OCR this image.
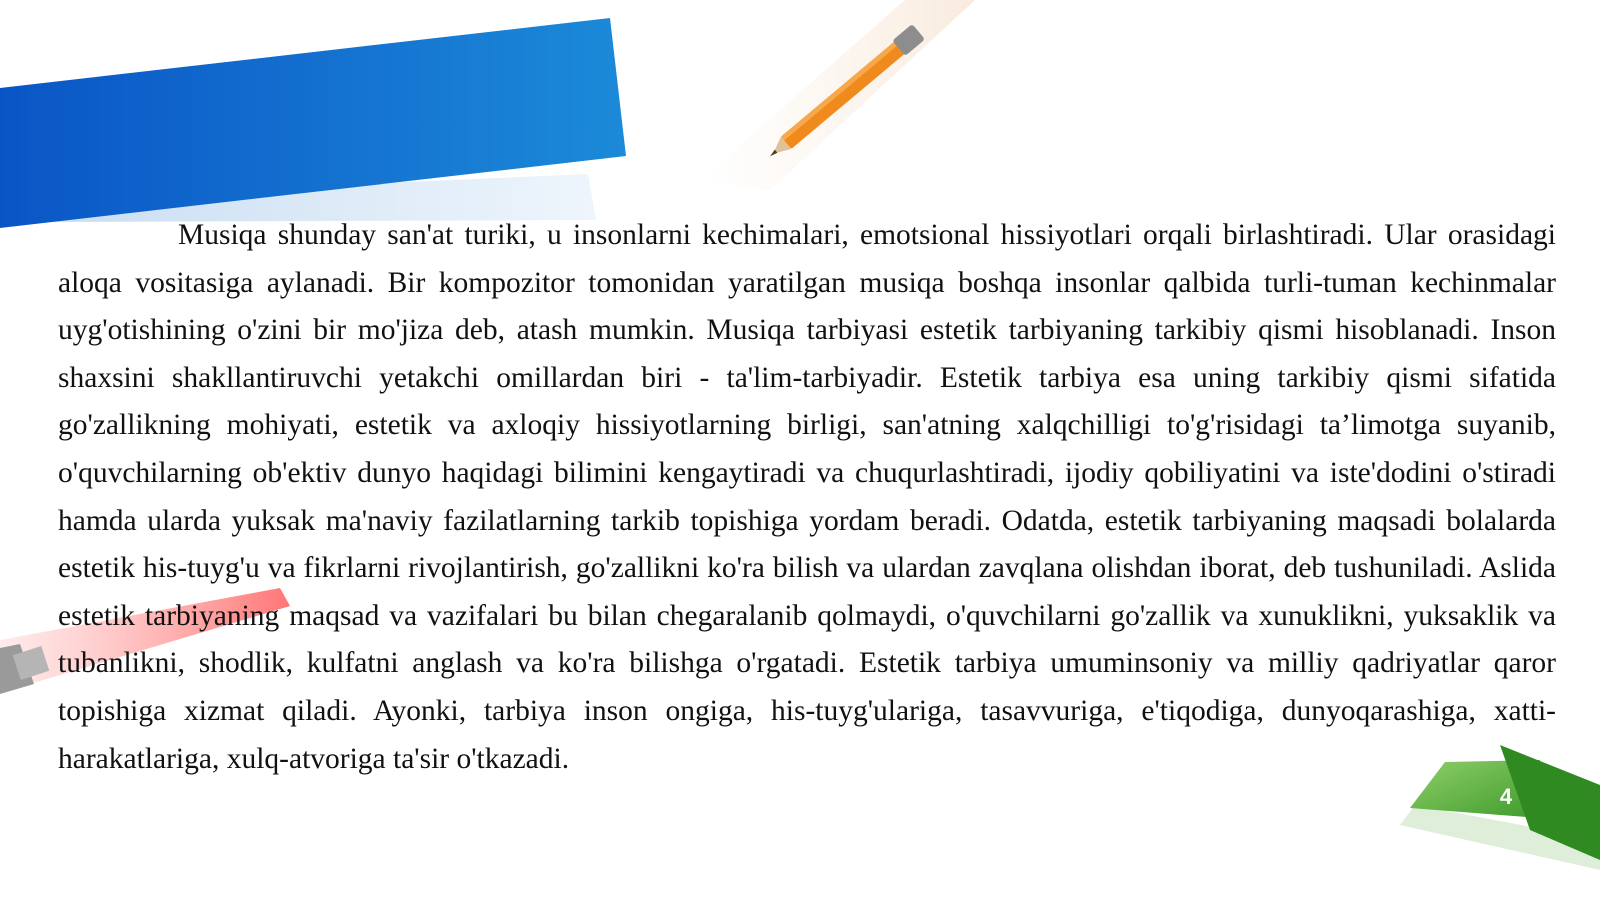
Musiqa shunday san'at turiki, u insonlarni kechimalari, emotsional hissiyotlari orqali birlashtiradi. Ular orasidagi aloqa vositasiga aylanadi. Bir kompozitor tomonidan yaratilgan musiqa boshqa insonlar qalbida turli-tuman kechinmalar uyg'otishining o'zini bir mo'jiza deb, atash mumkin. Musiqa tarbiyasi estetik tarbiyaning tarkibiy qismi hisoblanadi. Inson shaxsini shakllantiruvchi yetakchi omillardan biri - ta'lim-tarbiyadir. Estetik tarbiya esa uning tarkibiy qismi sifatida go'zallikning mohiyati, estetik va axloqiy hissiyotlarning birligi, san'atning xalqchilligi to'g'risidagi ta’limotga suyanib, o'quvchilarning ob'ektiv dunyo haqidagi bilimini kengaytiradi va chuqurlashtiradi, ijodiy qobiliyatini va iste'dodini o'stiradi hamda ularda yuksak ma'naviy fazilatlarning tarkib topishiga yordam beradi. Odatda, estetik tarbiyaning maqsadi bolalarda estetik his-tuyg'u va fikrlarni rivojlantirish, go'zallikni ko'ra bilish va ulardan zavqlana olishdan iborat, deb tushuniladi. Aslida estetik tarbiyaning maqsad va vazifalari bu bilan chegaralanib qolmaydi, o'quvchilarni go'zallik va xunuklikni, yuksaklik va tubanlikni, shodlik, kulfatni anglash va ko'ra bilishga o'rgatadi. Estetik tarbiya umuminsoniy va milliy qadriyatlar qaror topishiga xizmat qiladi. Ayonki, tarbiya inson ongiga, his-tuyg'ulariga, tasavvuriga, e'tiqodiga, dunyoqarashiga, xatti-harakatlariga, xulq-atvoriga ta'sir o'tkazadi.

4
